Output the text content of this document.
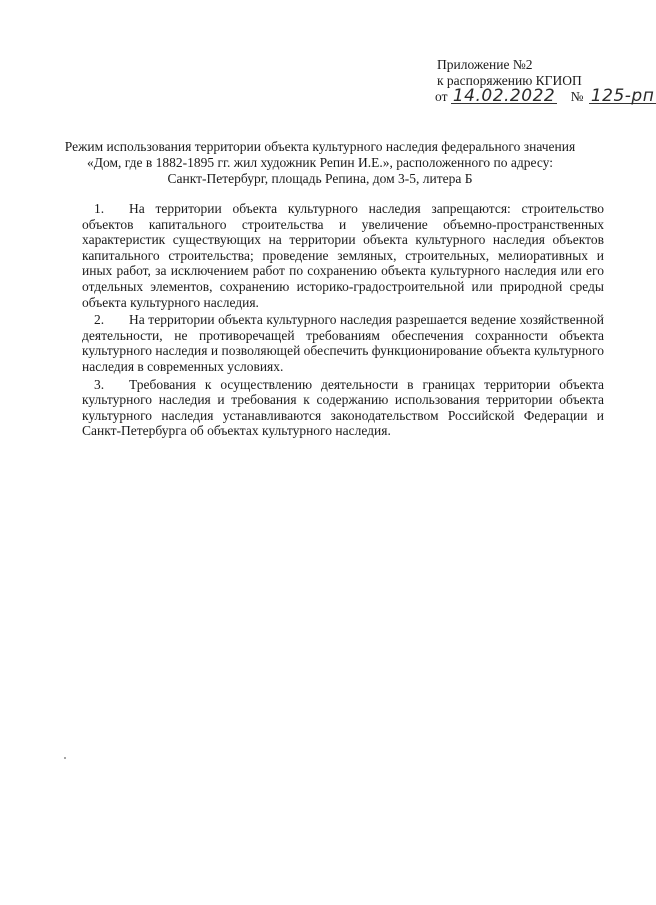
Приложение №2
к распоряжению КГИОП
от 14.02.2022 № 125-рп
Режим использования территории объекта культурного наследия федерального значения
«Дом, где в 1882-1895 гг. жил художник Репин И.Е.», расположенного по адресу:
Санкт-Петербург, площадь Репина, дом 3-5, литера Б

1. На территории объекта культурного наследия запрещаются: строительство объектов капитального строительства и увеличение объемно-пространственных характеристик существующих на территории объекта культурного наследия объектов капитального строительства; проведение земляных, строительных, мелиоративных и иных работ, за исключением работ по сохранению объекта культурного наследия или его отдельных элементов, сохранению историко-градостроительной или природной среды объекта культурного наследия.

2. На территории объекта культурного наследия разрешается ведение хозяйственной деятельности, не противоречащей требованиям обеспечения сохранности объекта культурного наследия и позволяющей обеспечить функционирование объекта культурного наследия в современных условиях.

3. Требования к осуществлению деятельности в границах территории объекта культурного наследия и требования к содержанию использования территории объекта культурного наследия устанавливаются законодательством Российской Федерации и Санкт-Петербурга об объектах культурного наследия.
